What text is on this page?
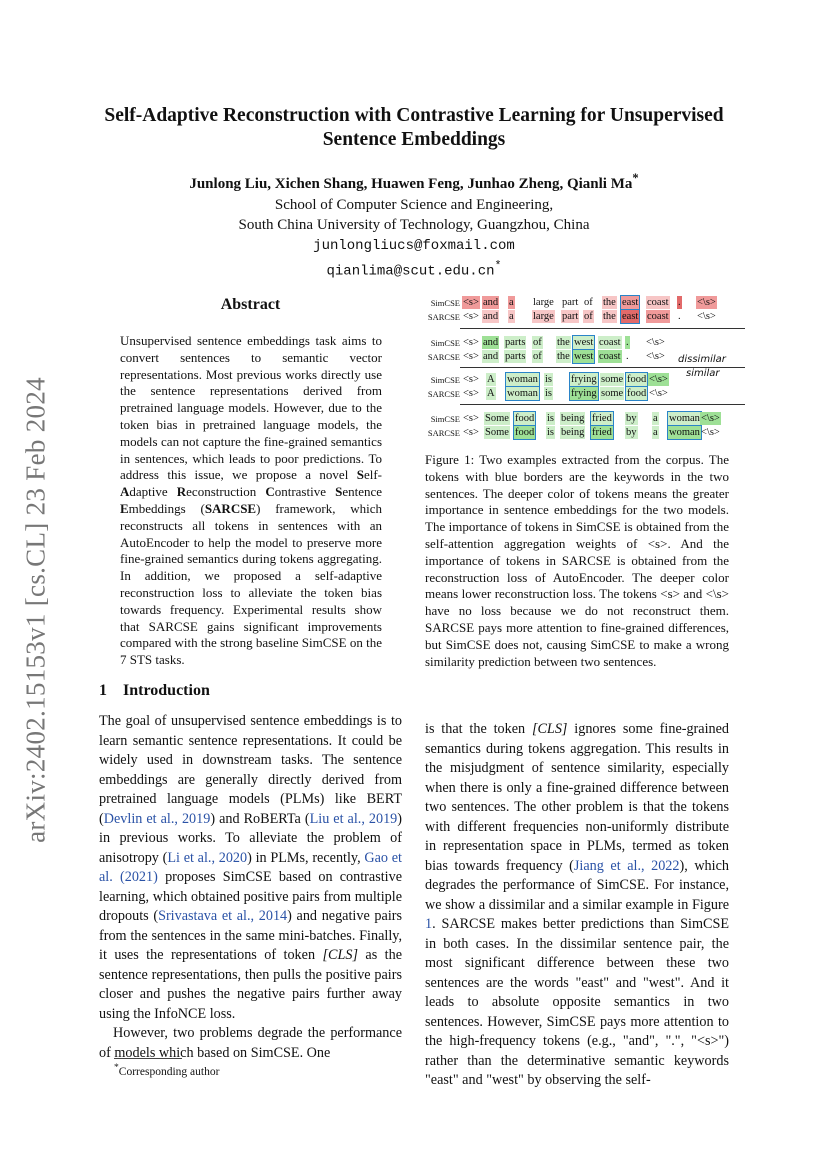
arXiv:2402.15153v1 [cs.CL] 23 Feb 2024
Self-Adaptive Reconstruction with Contrastive Learning for Unsupervised
Sentence Embeddings
Junlong Liu, Xichen Shang, Huawen Feng, Junhao Zheng, Qianli Ma*
School of Computer Science and Engineering,
South China University of Technology, Guangzhou, China
junlongliucs@foxmail.com
qianlima@scut.edu.cn*
Abstract
Unsupervised sentence embeddings task aims to convert sentences to semantic vector representations. Most previous works directly use the sentence representations derived from pretrained language models. However, due to the token bias in pretrained language models, the models can not capture the fine-grained semantics in sentences, which leads to poor predictions. To address this issue, we propose a novel Self-Adaptive Reconstruction Contrastive Sentence Embeddings (SARCSE) framework, which reconstructs all tokens in sentences with an AutoEncoder to help the model to preserve more fine-grained semantics during tokens aggregating. In addition, we proposed a self-adaptive reconstruction loss to alleviate the token bias towards frequency. Experimental results show that SARCSE gains significant improvements compared with the strong baseline SimCSE on the 7 STS tasks.
SimCSE <s> and a large part of the east coast . <\s>
SARCSE <s> and a large part of the east coast . <\s>
SimCSE <s> and parts of the west coast . <\s>
SARCSE <s> and parts of the west coast . <\s>
SimCSE <s> A woman is frying some food <\s>
SARCSE <s> A woman is frying some food <\s>
SimCSE <s> Some food is being fried by a woman <\s>
SARCSE <s> Some food is being fried by a woman <\s>
dissimilar
similar
Figure 1: Two examples extracted from the corpus. The tokens with blue borders are the keywords in the two sentences. The deeper color of tokens means the greater importance in sentence embeddings for the two models. The importance of tokens in SimCSE is obtained from the self-attention aggregation weights of <s>. And the importance of tokens in SARCSE is obtained from the reconstruction loss of AutoEncoder. The deeper color means lower reconstruction loss. The tokens <s> and <\s> have no loss because we do not reconstruct them. SARCSE pays more attention to fine-grained differences, but SimCSE does not, causing SimCSE to make a wrong similarity prediction between two sentences.
1 Introduction

The goal of unsupervised sentence embeddings is to learn semantic sentence representations. It could be widely used in downstream tasks. The sentence embeddings are generally directly derived from pretrained language models (PLMs) like BERT (Devlin et al., 2019) and RoBERTa (Liu et al., 2019) in previous works. To alleviate the problem of anisotropy (Li et al., 2020) in PLMs, recently, Gao et al. (2021) proposes SimCSE based on contrastive learning, which obtained positive pairs from multiple dropouts (Srivastava et al., 2014) and negative pairs from the sentences in the same mini-batches. Finally, it uses the representations of token [CLS] as the sentence representations, then pulls the positive pairs closer and pushes the negative pairs further away using the InfoNCE loss.

However, two problems degrade the performance of models which based on SimCSE. One

is that the token [CLS] ignores some fine-grained semantics during tokens aggregation. This results in the misjudgment of sentence similarity, especially when there is only a fine-grained difference between two sentences. The other problem is that the tokens with different frequencies non-uniformly distribute in representation space in PLMs, termed as token bias towards frequency (Jiang et al., 2022), which degrades the performance of SimCSE. For instance, we show a dissimilar and a similar example in Figure 1. SARCSE makes better predictions than SimCSE in both cases. In the dissimilar sentence pair, the most significant difference between these two sentences are the words "east" and "west". And it leads to absolute opposite semantics in two sentences. However, SimCSE pays more attention to the high-frequency tokens (e.g., "and", ".", "<s>") rather than the determinative semantic keywords "east" and "west" by observing the self-

*Corresponding author
